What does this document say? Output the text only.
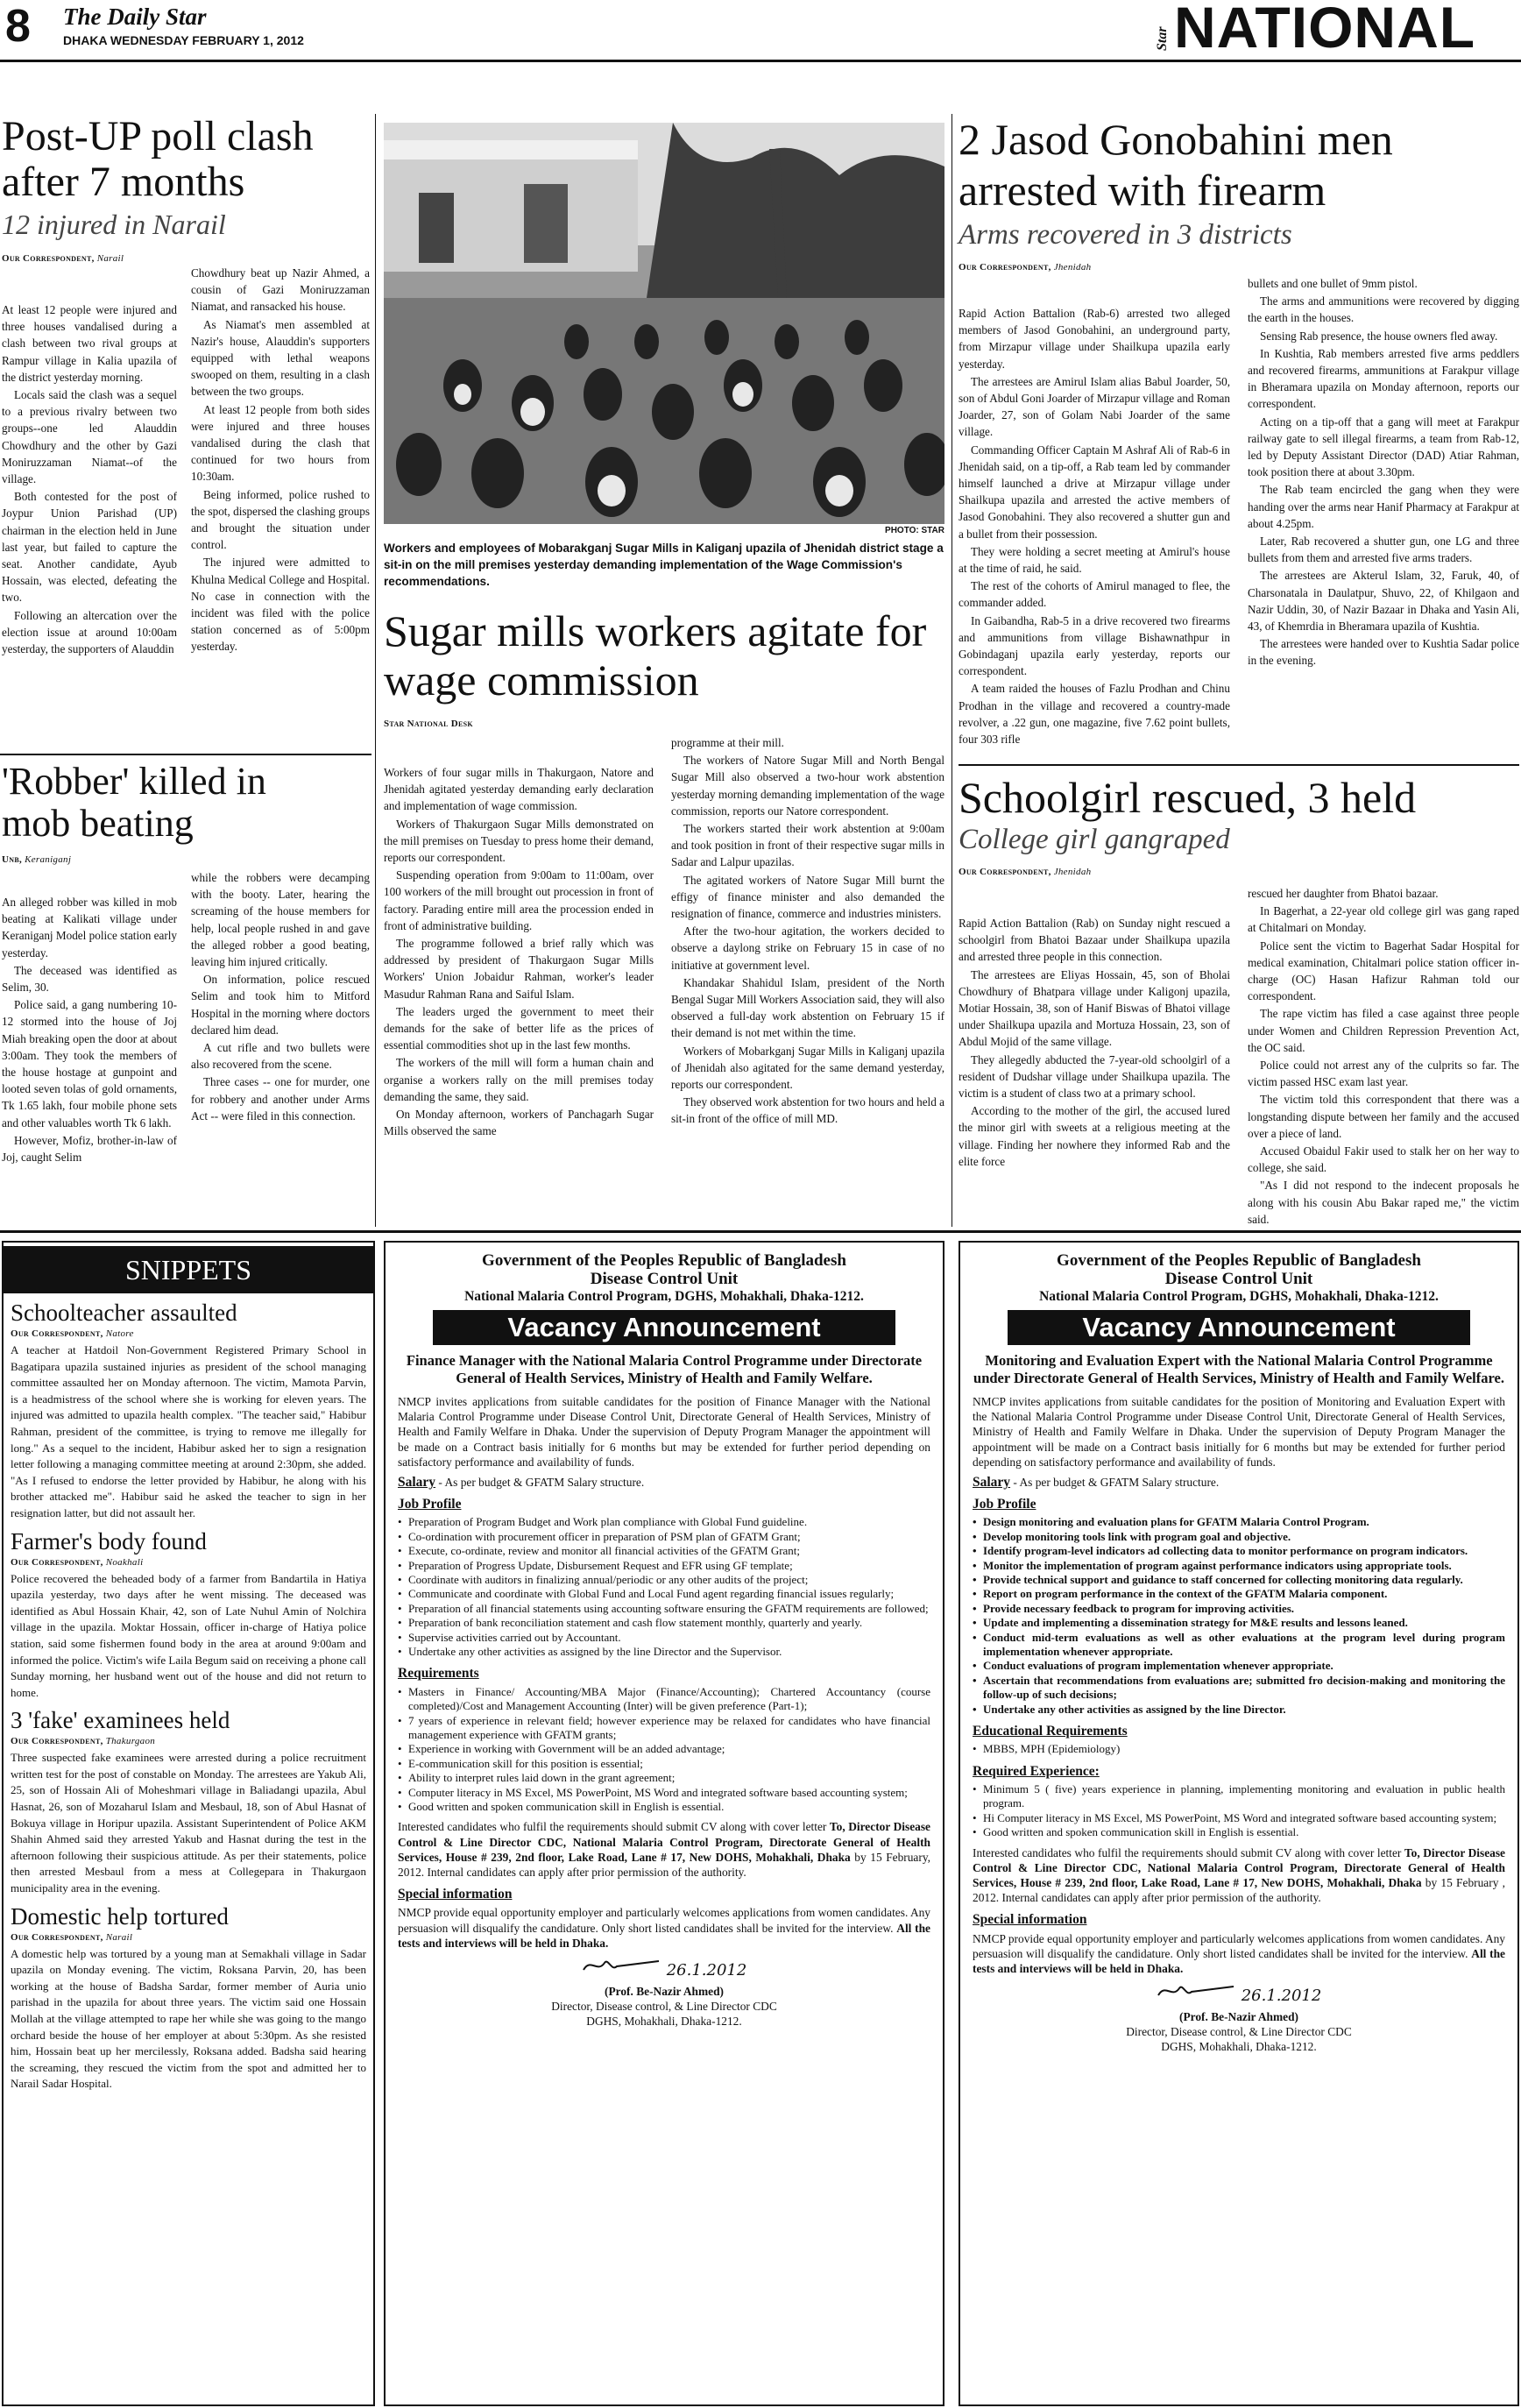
8 The Daily Star
DHAKA WEDNESDAY FEBRUARY 1, 2012	Star NATIONAL
Post-UP poll clash after 7 months
12 injured in Narail
Our Correspondent, Narail

At least 12 people were injured and three houses vandalised during a clash between two rival groups at Rampur village in Kalia upazila of the district yesterday morning.

Locals said the clash was a sequel to a previous rivalry between two groups--one led Alauddin Chowdhury and the other by Gazi Moniruzzaman Niamat--of the village.

Both contested for the post of Joypur Union Parishad (UP) chairman in the election held in June last year, but failed to capture the seat. Another candidate, Ayub Hossain, was elected, defeating the two.

Following an altercation over the election issue at around 10:00am yesterday, the supporters of Alauddin

Chowdhury beat up Nazir Ahmed, a cousin of Gazi Moniruzzaman Niamat, and ransacked his house.

As Niamat's men assembled at Nazir's house, Alauddin's supporters equipped with lethal weapons swooped on them, resulting in a clash between the two groups.

At least 12 people from both sides were injured and three houses vandalised during the clash that continued for two hours from 10:30am.

Being informed, police rushed to the spot, dispersed the clashing groups and brought the situation under control.

The injured were admitted to Khulna Medical College and Hospital. No case in connection with the incident was filed with the police station concerned as of 5:00pm yesterday.

'Robber' killed in mob beating
Unb, Keraniganj

An alleged robber was killed in mob beating at Kalikati village under Keraniganj Model police station early yesterday.

The deceased was identified as Selim, 30.

Police said, a gang numbering 10-12 stormed into the house of Joj Miah breaking open the door at about 3:00am. They took the members of the house hostage at gunpoint and looted seven tolas of gold ornaments, Tk 1.65 lakh, four mobile phone sets and other valuables worth Tk 6 lakh.

However, Mofiz, brother-in-law of Joj, caught Selim

while the robbers were decamping with the booty. Later, hearing the screaming of the house members for help, local people rushed in and gave the alleged robber a good beating, leaving him injured critically.

On information, police rescued Selim and took him to Mitford Hospital in the morning where doctors declared him dead.

A cut rifle and two bullets were also recovered from the scene.

Three cases -- one for murder, one for robbery and another under Arms Act -- were filed in this connection.

PHOTO: STAR
Workers and employees of Mobarakganj Sugar Mills in Kaliganj upazila of Jhenidah district stage a sit-in on the mill premises yesterday demanding implementation of the Wage Commission's recommendations.
Sugar mills workers agitate for wage commission
Star National Desk

Workers of four sugar mills in Thakurgaon, Natore and Jhenidah agitated yesterday demanding early declaration and implementation of wage commission.

Workers of Thakurgaon Sugar Mills demonstrated on the mill premises on Tuesday to press home their demand, reports our correspondent.

Suspending operation from 9:00am to 11:00am, over 100 workers of the mill brought out procession in front of factory. Parading entire mill area the procession ended in front of administrative building.

The programme followed a brief rally which was addressed by president of Thakurgaon Sugar Mills Workers' Union Jobaidur Rahman, worker's leader Masudur Rahman Rana and Saiful Islam.

The leaders urged the government to meet their demands for the sake of better life as the prices of essential commodities shot up in the last few months.

The workers of the mill will form a human chain and organise a workers rally on the mill premises today demanding the same, they said.

On Monday afternoon, workers of Panchagarh Sugar Mills observed the same

programme at their mill.

The workers of Natore Sugar Mill and North Bengal Sugar Mill also observed a two-hour work abstention yesterday morning demanding implementation of the wage commission, reports our Natore correspondent.

The workers started their work abstention at 9:00am and took position in front of their respective sugar mills in Sadar and Lalpur upazilas.

The agitated workers of Natore Sugar Mill burnt the effigy of finance minister and also demanded the resignation of finance, commerce and industries ministers.

After the two-hour agitation, the workers decided to observe a daylong strike on February 15 in case of no initiative at government level.

Khandakar Shahidul Islam, president of the North Bengal Sugar Mill Workers Association said, they will also observed a full-day work abstention on February 15 if their demand is not met within the time.

Workers of Mobarkganj Sugar Mills in Kaliganj upazila of Jhenidah also agitated for the same demand yesterday, reports our correspondent.

They observed work abstention for two hours and held a sit-in front of the office of mill MD.

2 Jasod Gonobahini men arrested with firearm
Arms recovered in 3 districts
Our Correspondent, Jhenidah

Rapid Action Battalion (Rab-6) arrested two alleged members of Jasod Gonobahini, an underground party, from Mirzapur village under Shailkupa upazila early yesterday.

The arrestees are Amirul Islam alias Babul Joarder, 50, son of Abdul Goni Joarder of Mirzapur village and Roman Joarder, 27, son of Golam Nabi Joarder of the same village.

Commanding Officer Captain M Ashraf Ali of Rab-6 in Jhenidah said, on a tip-off, a Rab team led by commander himself launched a drive at Mirzapur village under Shailkupa upazila and arrested the active members of Jasod Gonobahini. They also recovered a shutter gun and a bullet from their possession.

They were holding a secret meeting at Amirul's house at the time of raid, he said.

The rest of the cohorts of Amirul managed to flee, the commander added.

In Gaibandha, Rab-5 in a drive recovered two firearms and ammunitions from village Bishawnathpur in Gobindaganj upazila early yesterday, reports our correspondent.

A team raided the houses of Fazlu Prodhan and Chinu Prodhan in the village and recovered a country-made revolver, a .22 gun, one magazine, five 7.62 point bullets, four 303 rifle

bullets and one bullet of 9mm pistol.

The arms and ammunitions were recovered by digging the earth in the houses.

Sensing Rab presence, the house owners fled away.

In Kushtia, Rab members arrested five arms peddlers and recovered firearms, ammunitions at Farakpur village in Bheramara upazila on Monday afternoon, reports our correspondent.

Acting on a tip-off that a gang will meet at Farakpur railway gate to sell illegal firearms, a team from Rab-12, led by Deputy Assistant Director (DAD) Atiar Rahman, took position there at about 3.30pm.

The Rab team encircled the gang when they were handing over the arms near Hanif Pharmacy at Farakpur at about 4.25pm.

Later, Rab recovered a shutter gun, one LG and three bullets from them and arrested five arms traders.

The arrestees are Akterul Islam, 32, Faruk, 40, of Charsonatala in Daulatpur, Shuvo, 22, of Khilgaon and Nazir Uddin, 30, of Nazir Bazaar in Dhaka and Yasin Ali, 43, of Khemrdia in Bheramara upazila of Kushtia.

The arrestees were handed over to Kushtia Sadar police in the evening.

Schoolgirl rescued, 3 held
College girl gangraped
Our Correspondent, Jhenidah

Rapid Action Battalion (Rab) on Sunday night rescued a schoolgirl from Bhatoi Bazaar under Shailkupa upazila and arrested three people in this connection.

The arrestees are Eliyas Hossain, 45, son of Bholai Chowdhury of Bhatpara village under Kaligonj upazila, Motiar Hossain, 38, son of Hanif Biswas of Bhatoi village under Shailkupa upazila and Mortuza Hossain, 23, son of Abdul Mojid of the same village.

They allegedly abducted the 7-year-old schoolgirl of a resident of Dudshar village under Shailkupa upazila. The victim is a student of class two at a primary school.

According to the mother of the girl, the accused lured the minor girl with sweets at a religious meeting at the village. Finding her nowhere they informed Rab and the elite force

rescued her daughter from Bhatoi bazaar.

In Bagerhat, a 22-year old college girl was gang raped at Chitalmari on Monday.

Police sent the victim to Bagerhat Sadar Hospital for medical examination, Chitalmari police station officer in-charge (OC) Hasan Hafizur Rahman told our correspondent.

The rape victim has filed a case against three people under Women and Children Repression Prevention Act, the OC said.

Police could not arrest any of the culprits so far. The victim passed HSC exam last year.

The victim told this correspondent that there was a longstanding dispute between her family and the accused over a piece of land.

Accused Obaidul Fakir used to stalk her on her way to college, she said.

"As I did not respond to the indecent proposals he along with his cousin Abu Bakar raped me," the victim said.

SNIPPETS
Schoolteacher assaulted
Our Correspondent, Natore

A teacher at Hatdoil Non-Government Registered Primary School in Bagatipara upazila sustained injuries as president of the school managing committee assaulted her on Monday afternoon. The victim, Mamota Parvin, is a headmistress of the school where she is working for eleven years. The injured was admitted to upazila health complex. "The teacher said," Habibur Rahman, president of the committee, is trying to remove me illegally for long." As a sequel to the incident, Habibur asked her to sign a resignation letter following a managing committee meeting at around 2:30pm, she added. "As I refused to endorse the letter provided by Habibur, he along with his brother attacked me". Habibur said he asked the teacher to sign in her resignation latter, but did not assault her.

Farmer's body found
Our Correspondent, Noakhali

Police recovered the beheaded body of a farmer from Bandartila in Hatiya upazila yesterday, two days after he went missing. The deceased was identified as Abul Hossain Khair, 42, son of Late Nuhul Amin of Nolchira village in the upazila. Moktar Hossain, officer in-charge of Hatiya police station, said some fishermen found body in the area at around 9:00am and informed the police. Victim's wife Laila Begum said on receiving a phone call Sunday morning, her husband went out of the house and did not return to home.

3 'fake' examinees held
Our Correspondent, Thakurgaon

Three suspected fake examinees were arrested during a police recruitment written test for the post of constable on Monday. The arrestees are Yakub Ali, 25, son of Hossain Ali of Moheshmari village in Baliadangi upazila, Abul Hasnat, 26, son of Mozaharul Islam and Mesbaul, 18, son of Abul Hasnat of Bokuya village in Horipur upazila. Assistant Superintendent of Police AKM Shahin Ahmed said they arrested Yakub and Hasnat during the test in the afternoon following their suspicious attitude. As per their statements, police then arrested Mesbaul from a mess at Collegepara in Thakurgaon municipality area in the evening.

Domestic help tortured
Our Correspondent, Narail

A domestic help was tortured by a young man at Semakhali village in Sadar upazila on Monday evening. The victim, Roksana Parvin, 20, has been working at the house of Badsha Sardar, former member of Auria unio parishad in the upazila for about three years. The victim said one Hossain Mollah at the village attempted to rape her while she was going to the mango orchard beside the house of her employer at about 5:30pm. As she resisted him, Hossain beat up her mercilessly, Roksana added. Badsha said hearing the screaming, they rescued the victim from the spot and admitted her to Narail Sadar Hospital.

Government of the Peoples Republic of Bangladesh
Disease Control Unit
National Malaria Control Program, DGHS, Mohakhali, Dhaka-1212.
Vacancy Announcement
Finance Manager with the National Malaria Control Programme under Directorate General of Health Services, Ministry of Health and Family Welfare.

NMCP invites applications from suitable candidates for the position of Finance Manager with the National Malaria Control Programme under Disease Control Unit, Directorate General of Health Services, Ministry of Health and Family Welfare in Dhaka. Under the supervision of Deputy Program Manager the appointment will be made on a Contract basis initially for 6 months but may be extended for further period depending on satisfactory performance and availability of funds.

Salary - As per budget & GFATM Salary structure.
Job Profile
• Preparation of Program Budget and Work plan compliance with Global Fund guideline.
• Co-ordination with procurement officer in preparation of PSM plan of GFATM Grant;
• Execute, co-ordinate, review and monitor all financial activities of the GFATM Grant;
• Preparation of Progress Update, Disbursement Request and EFR using GF template;
• Coordinate with auditors in finalizing annual/periodic or any other audits of the project;
• Communicate and coordinate with Global Fund and Local Fund agent regarding financial issues regularly;
• Preparation of all financial statements using accounting software ensuring the GFATM requirements are followed;
• Preparation of bank reconciliation statement and cash flow statement monthly, quarterly and yearly.
• Supervise activities carried out by Accountant.
• Undertake any other activities as assigned by the line Director and the Supervisor.
Requirements
• Masters in Finance/ Accounting/MBA Major (Finance/Accounting); Chartered Accountancy (course completed)/Cost and Management Accounting (Inter) will be given preference (Part-1);
• 7 years of experience in relevant field; however experience may be relaxed for candidates who have financial management experience with GFATM grants;
• Experience in working with Government will be an added advantage;
• E-communication skill for this position is essential;
• Ability to interpret rules laid down in the grant agreement;
• Computer literacy in MS Excel, MS PowerPoint, MS Word and integrated software based accounting system;
• Good written and spoken communication skill in English is essential.

Interested candidates who fulfil the requirements should submit CV along with cover letter To, Director Disease Control & Line Director CDC, National Malaria Control Program, Directorate General of Health Services, House # 239, 2nd floor, Lake Road, Lane # 17, New DOHS, Mohakhali, Dhaka by 15 February, 2012. Internal candidates can apply after prior permission of the authority.

Special information

NMCP provide equal opportunity employer and particularly welcomes applications from women candidates. Any persuasion will disqualify the candidature. Only short listed candidates shall be invited for the interview. All the tests and interviews will be held in Dhaka.

26.1.2012
(Prof. Be-Nazir Ahmed)
Director, Disease control, & Line Director CDC
DGHS, Mohakhali, Dhaka-1212.
Government of the Peoples Republic of Bangladesh
Disease Control Unit
National Malaria Control Program, DGHS, Mohakhali, Dhaka-1212.
Vacancy Announcement
Monitoring and Evaluation Expert with the National Malaria Control Programme under Directorate General of Health Services, Ministry of Health and Family Welfare.

NMCP invites applications from suitable candidates for the position of Monitoring and Evaluation Expert with the National Malaria Control Programme under Disease Control Unit, Directorate General of Health Services, Ministry of Health and Family Welfare in Dhaka. Under the supervision of Deputy Program Manager the appointment will be made on a Contract basis initially for 6 months but may be extended for further period depending on satisfactory performance and availability of funds.

Salary - As per budget & GFATM Salary structure.
Job Profile
• Design monitoring and evaluation plans for GFATM Malaria Control Program.
• Develop monitoring tools link with program goal and objective.
• Identify program-level indicators ad collecting data to monitor performance on program indicators.
• Monitor the implementation of program against performance indicators using appropriate tools.
• Provide technical support and guidance to staff concerned for collecting monitoring data regularly.
• Report on program performance in the context of the GFATM Malaria component.
• Provide necessary feedback to program for improving activities.
• Update and implementing a dissemination strategy for M&E results and lessons leaned.
• Conduct mid-term evaluations as well as other evaluations at the program level during program implementation whenever appropriate.
• Conduct evaluations of program implementation whenever appropriate.
• Ascertain that recommendations from evaluations are; submitted fro decision-making and monitoring the follow-up of such decisions;
• Undertake any other activities as assigned by the line Director.
Educational Requirements
• MBBS, MPH (Epidemiology)
Required Experience:
• Minimum 5 ( five) years experience in planning, implementing monitoring and evaluation in public health program.
• Hi Computer literacy in MS Excel, MS PowerPoint, MS Word and integrated software based accounting system;
• Good written and spoken communication skill in English is essential.

Interested candidates who fulfil the requirements should submit CV along with cover letter To, Director Disease Control & Line Director CDC, National Malaria Control Program, Directorate General of Health Services, House # 239, 2nd floor, Lake Road, Lane # 17, New DOHS, Mohakhali, Dhaka by 15 February , 2012. Internal candidates can apply after prior permission of the authority.

Special information

NMCP provide equal opportunity employer and particularly welcomes applications from women candidates. Any persuasion will disqualify the candidature. Only short listed candidates shall be invited for the interview. All the tests and interviews will be held in Dhaka.

26.1.2012
(Prof. Be-Nazir Ahmed)
Director, Disease control, & Line Director CDC
DGHS, Mohakhali, Dhaka-1212.
